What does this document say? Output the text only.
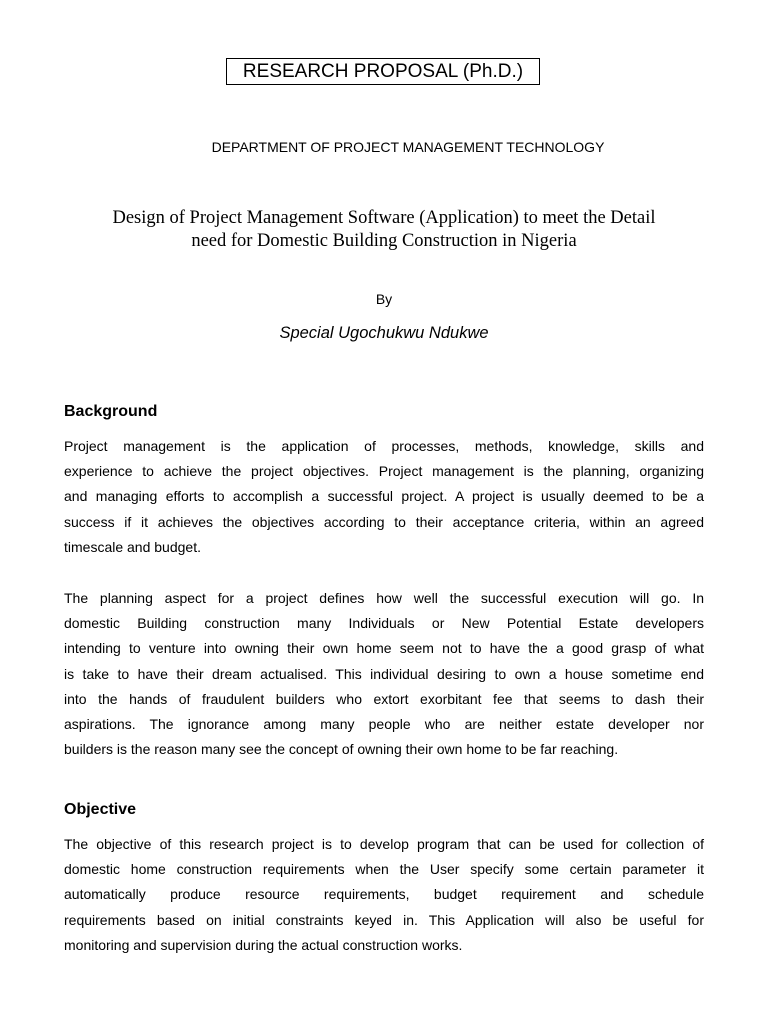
RESEARCH PROPOSAL (Ph.D.)
DEPARTMENT OF PROJECT MANAGEMENT TECHNOLOGY
Design of Project Management Software (Application) to meet the Detail
need for Domestic Building Construction in Nigeria
By
Special Ugochukwu Ndukwe
Background
Project management is the application of processes, methods, knowledge, skills and
experience to achieve the project objectives. Project management is the planning, organizing
and managing efforts to accomplish a successful project. A project is usually deemed to be a
success if it achieves the objectives according to their acceptance criteria, within an agreed
timescale and budget.
The planning aspect for a project defines how well the successful execution will go. In
domestic Building construction many Individuals or New Potential Estate developers
intending to venture into owning their own home seem not to have the a good grasp of what
is take to have their dream actualised. This individual desiring to own a house sometime end
into the hands of fraudulent builders who extort exorbitant fee that seems to dash their
aspirations. The ignorance among many people who are neither estate developer nor
builders is the reason many see the concept of owning their own home to be far reaching.
Objective
The objective of this research project is to develop program that can be used for collection of
domestic home construction requirements when the User specify some certain parameter it
automatically produce resource requirements, budget requirement and schedule
requirements based on initial constraints keyed in. This Application will also be useful for
monitoring and supervision during the actual construction works.
